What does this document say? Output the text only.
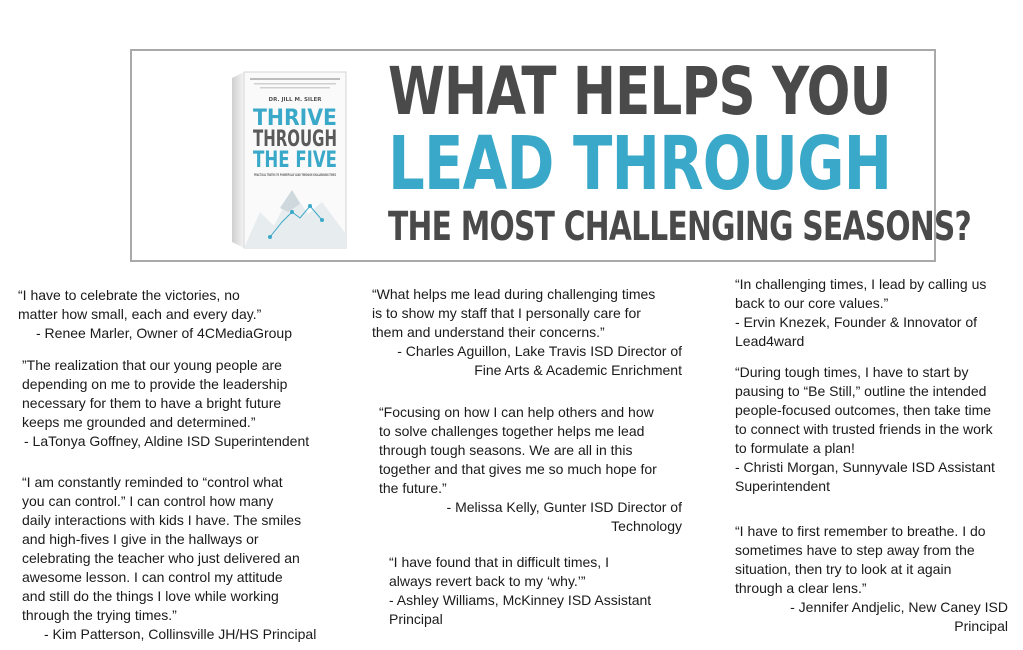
DR. JILL M. SILER
THRIVE
THROUGH
THE FIVE
PRACTICAL TRUTHS TO POWERFULLY LEAD THROUGH CHALLENGING TIMES
WHAT HELPS YOU
LEAD THROUGH
THE MOST CHALLENGING SEASONS?

“I have to celebrate the victories, no
matter how small, each and every day.”

- Renee Marler, Owner of 4CMediaGroup

”The realization that our young people are
depending on me to provide the leadership
necessary for them to have a bright future
keeps me grounded and determined.”

- LaTonya Goffney, Aldine ISD Superintendent

“I am constantly reminded to “control what
you can control.” I can control how many
daily interactions with kids I have. The smiles
and high-fives I give in the hallways or
celebrating the teacher who just delivered an
awesome lesson. I can control my attitude
and still do the things I love while working
through the trying times.”

- Kim Patterson, Collinsville JH/HS Principal

“What helps me lead during challenging times
is to show my staff that I personally care for
them and understand their concerns.”

- Charles Aguillon, Lake Travis ISD Director of
Fine Arts & Academic Enrichment

“Focusing on how I can help others and how
to solve challenges together helps me lead
through tough seasons. We are all in this
together and that gives me so much hope for
the future.”

- Melissa Kelly, Gunter ISD Director of
Technology

“I have found that in difficult times, I
always revert back to my ‘why.’”

- Ashley Williams, McKinney ISD Assistant
Principal

“In challenging times, I lead by calling us
back to our core values.”

- Ervin Knezek, Founder & Innovator of
Lead4ward

“During tough times, I have to start by
pausing to “Be Still,” outline the intended
people-focused outcomes, then take time
to connect with trusted friends in the work
to formulate a plan!

- Christi Morgan, Sunnyvale ISD Assistant
Superintendent

“I have to first remember to breathe. I do
sometimes have to step away from the
situation, then try to look at it again
through a clear lens.”

- Jennifer Andjelic, New Caney ISD
Principal
